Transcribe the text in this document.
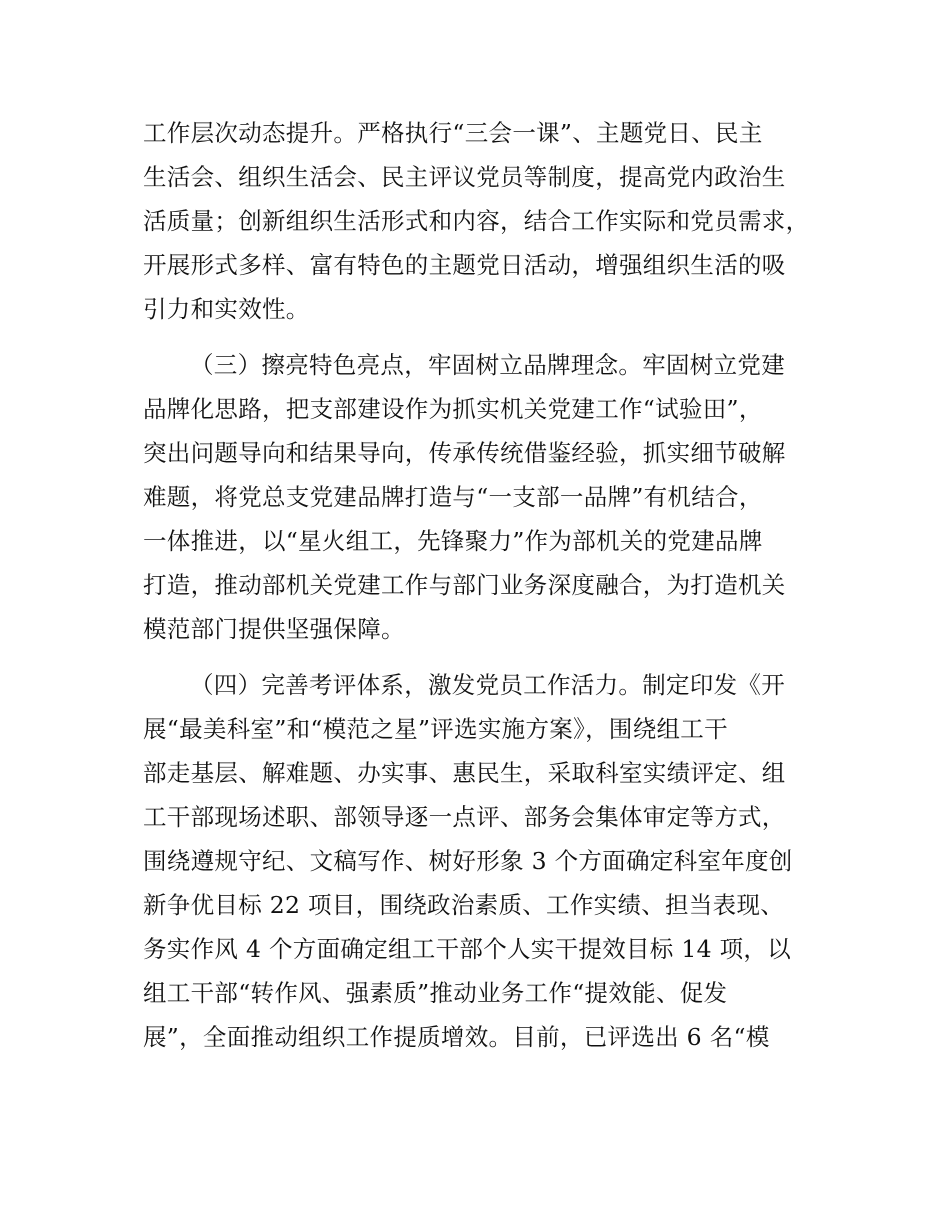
工作层次动态提升。严格执行“三会一课”、主题党日、民主
生活会、组织生活会、民主评议党员等制度，提高党内政治生
活质量；创新组织生活形式和内容，结合工作实际和党员需求，
开展形式多样、富有特色的主题党日活动，增强组织生活的吸
引力和实效性。
（三）擦亮特色亮点，牢固树立品牌理念。牢固树立党建
品牌化思路，把支部建设作为抓实机关党建工作“试验田”，
突出问题导向和结果导向，传承传统借鉴经验，抓实细节破解
难题，将党总支党建品牌打造与“一支部一品牌”有机结合，
一体推进，以“星火组工，先锋聚力”作为部机关的党建品牌
打造，推动部机关党建工作与部门业务深度融合，为打造机关
模范部门提供坚强保障。
（四）完善考评体系，激发党员工作活力。制定印发《开
展“最美科室”和“模范之星”评选实施方案》，围绕组工干
部走基层、解难题、办实事、惠民生，采取科室实绩评定、组
工干部现场述职、部领导逐一点评、部务会集体审定等方式，
围绕遵规守纪、文稿写作、树好形象 3 个方面确定科室年度创
新争优目标 22 项目，围绕政治素质、工作实绩、担当表现、
务实作风 4 个方面确定组工干部个人实干提效目标 14 项，以
组工干部“转作风、强素质”推动业务工作“提效能、促发
展”，全面推动组织工作提质增效。目前，已评选出 6 名“模
